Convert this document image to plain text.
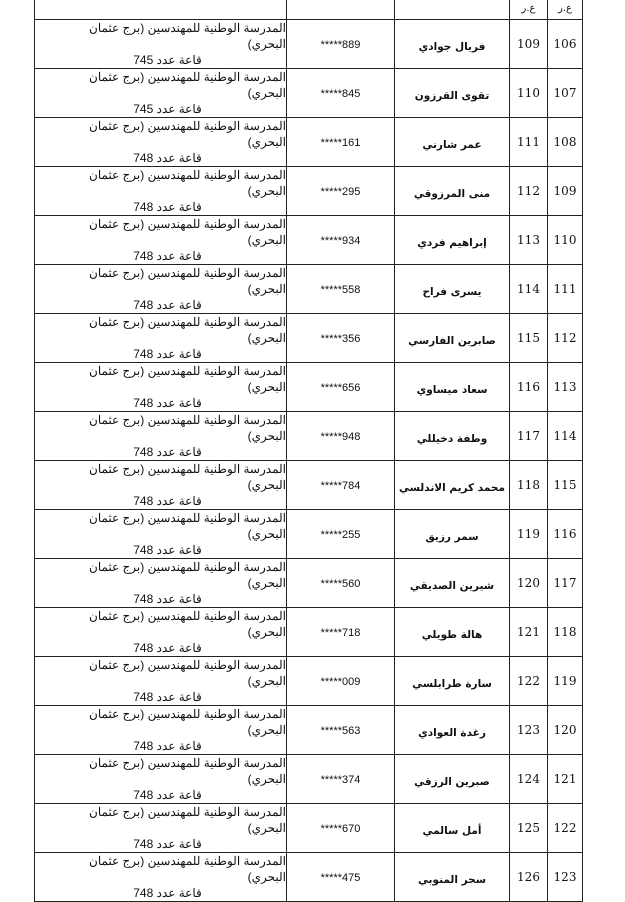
ع.ر	ع.ر			
106	109	فريال جوادي	*****889	المدرسة الوطنية للمهندسين (برج عثمان البحري)
قاعة عدد 745

107	110	تقوى القرزون	*****845	المدرسة الوطنية للمهندسين (برج عثمان البحري)
قاعة عدد 745

108	111	عمر شارني	*****161	المدرسة الوطنية للمهندسين (برج عثمان البحري)
قاعة عدد 748

109	112	منى المرزوقي	*****295	المدرسة الوطنية للمهندسين (برج عثمان البحري)
قاعة عدد 748

110	113	إبراهيم فردي	*****934	المدرسة الوطنية للمهندسين (برج عثمان البحري)
قاعة عدد 748

111	114	يسرى فراح	*****558	المدرسة الوطنية للمهندسين (برج عثمان البحري)
قاعة عدد 748

112	115	صابرين الفارسي	*****356	المدرسة الوطنية للمهندسين (برج عثمان البحري)
قاعة عدد 748

113	116	سعاد ميساوي	*****656	المدرسة الوطنية للمهندسين (برج عثمان البحري)
قاعة عدد 748

114	117	وطفة دخيللي	*****948	المدرسة الوطنية للمهندسين (برج عثمان البحري)
قاعة عدد 748

115	118	محمد كريم الاندلسي	*****784	المدرسة الوطنية للمهندسين (برج عثمان البحري)
قاعة عدد 748

116	119	سمر رزيق	*****255	المدرسة الوطنية للمهندسين (برج عثمان البحري)
قاعة عدد 748

117	120	شيرين الصديقي	*****560	المدرسة الوطنية للمهندسين (برج عثمان البحري)
قاعة عدد 748

118	121	هالة طويلي	*****718	المدرسة الوطنية للمهندسين (برج عثمان البحري)
قاعة عدد 748

119	122	سارة طرابلسي	*****009	المدرسة الوطنية للمهندسين (برج عثمان البحري)
قاعة عدد 748

120	123	رغدة العوادي	*****563	المدرسة الوطنية للمهندسين (برج عثمان البحري)
قاعة عدد 748

121	124	صبرين الرزقي	*****374	المدرسة الوطنية للمهندسين (برج عثمان البحري)
قاعة عدد 748

122	125	أمل سالمي	*****670	المدرسة الوطنية للمهندسين (برج عثمان البحري)
قاعة عدد 748

123	126	سحر المنوبي	*****475	المدرسة الوطنية للمهندسين (برج عثمان البحري)
قاعة عدد 748
